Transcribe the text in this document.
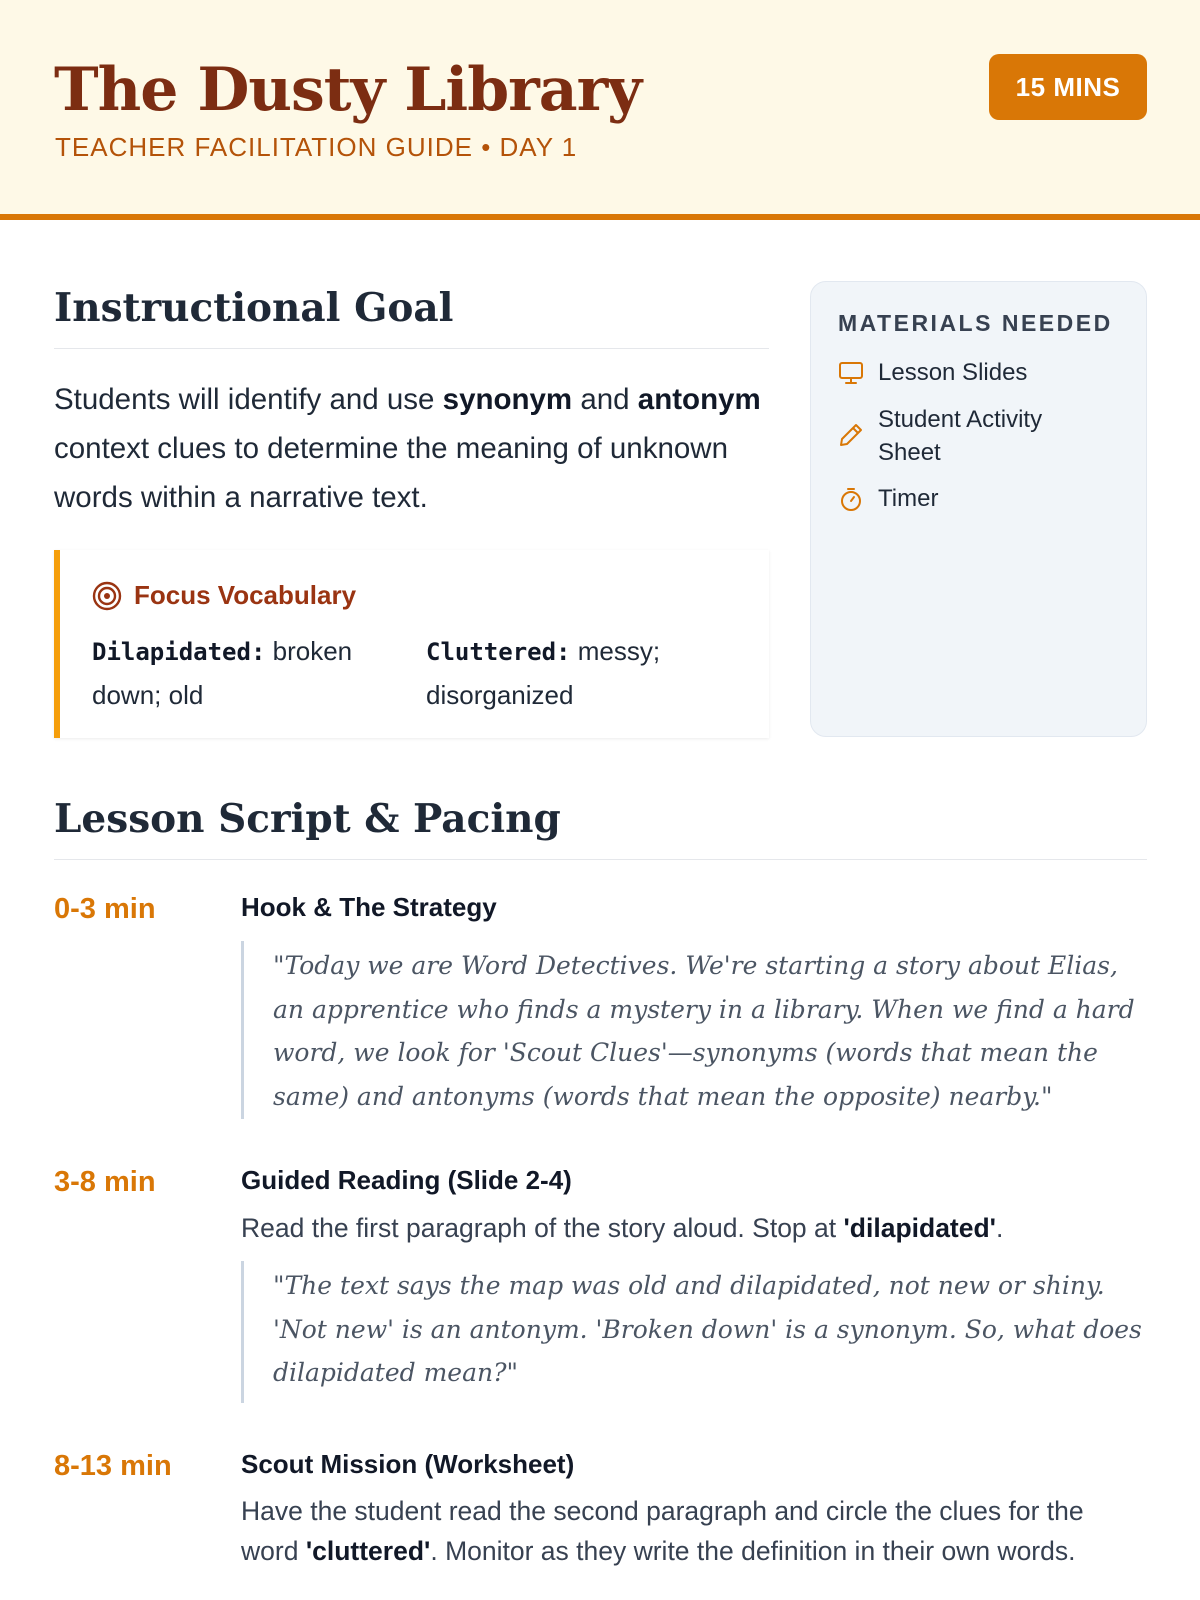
The Dusty Library
TEACHER FACILITATION GUIDE • DAY 1
15 MINS
Instructional Goal
Students will identify and use synonym and antonym context clues to determine the meaning of unknown words within a narrative text.
Focus Vocabulary
Dilapidated: broken down; old
Cluttered: messy; disorganized
MATERIALS NEEDED
Lesson Slides
Student Activity Sheet
Timer
Lesson Script & Pacing
0-3 min	Hook & The Strategy
"Today we are Word Detectives. We're starting a story about Elias, an apprentice who finds a mystery in a library. When we find a hard word, we look for 'Scout Clues'—synonyms (words that mean the same) and antonyms (words that mean the opposite) nearby."
3-8 min	Guided Reading (Slide 2-4)
Read the first paragraph of the story aloud. Stop at 'dilapidated'.
"The text says the map was old and dilapidated, not new or shiny. 'Not new' is an antonym. 'Broken down' is a synonym. So, what does dilapidated mean?"
8-13 min	Scout Mission (Worksheet)
Have the student read the second paragraph and circle the clues for the word 'cluttered'. Monitor as they write the definition in their own words.
